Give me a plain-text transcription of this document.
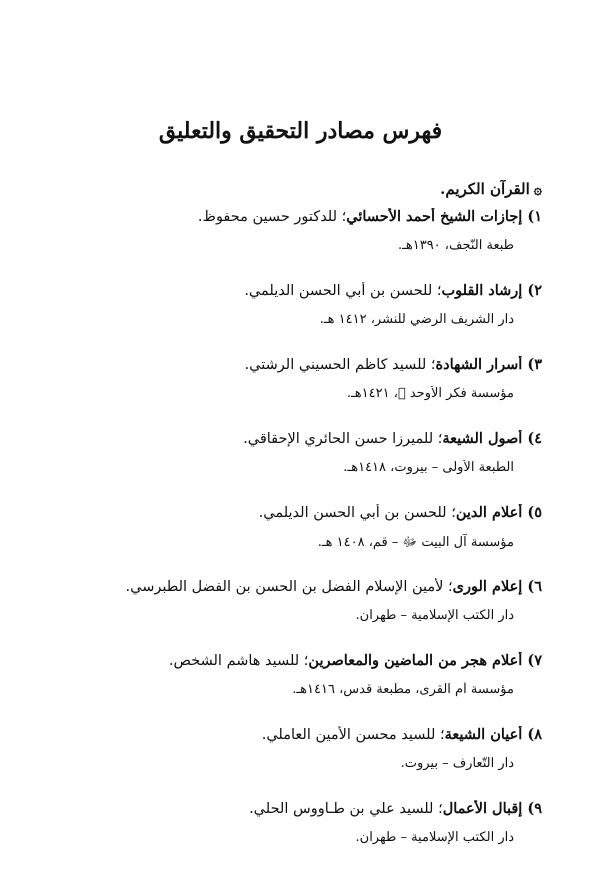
فهرس مصادر التحقيق والتعليق
۞القرآن الكريم.
١)إجازات الشيخ أحمد الأحسائي؛ للدكتور حسين محفوظ.
طبعة النّجف، ١٣٩٠هـ.
٢)إرشاد القلوب؛ للحسن بن أبي الحسن الديلمي.
دار الشريف الرضي للنشر، ١٤١٢ هـ.
٣)أسرار الشهادة؛ للسيد كاظم الحسيني الرشتي.
مؤسسة فكر الأوحد ﷫، ١٤٢١هـ.
٤)أصول الشيعة؛ للميرزا حسن الحائري الإحقاقي.
الطبعة الأولى – بيروت، ١٤١٨هـ.
٥)أعلام الدين؛ للحسن بن أبي الحسن الديلمي.
مؤسسة آل البيت ﷻ – قم، ١٤٠٨ هـ.
٦)إعلام الورى؛ لأمين الإسلام الفضل بن الحسن بن الفضل الطبرسي.
دار الكتب الإسلامية – طهران.
٧)أعلام هجر من الماضين والمعاصرين؛ للسيد هاشم الشخص.
مؤسسة أم القرى، مطبعة قدس، ١٤١٦هـ.
٨)أعيان الشيعة؛ للسيد محسن الأمين العاملي.
دار التّعارف – بيروت.
٩)إقبال الأعمال؛ للسيد علي بن طـاووس الحلي.
دار الكتب الإسلامية – طهران.
